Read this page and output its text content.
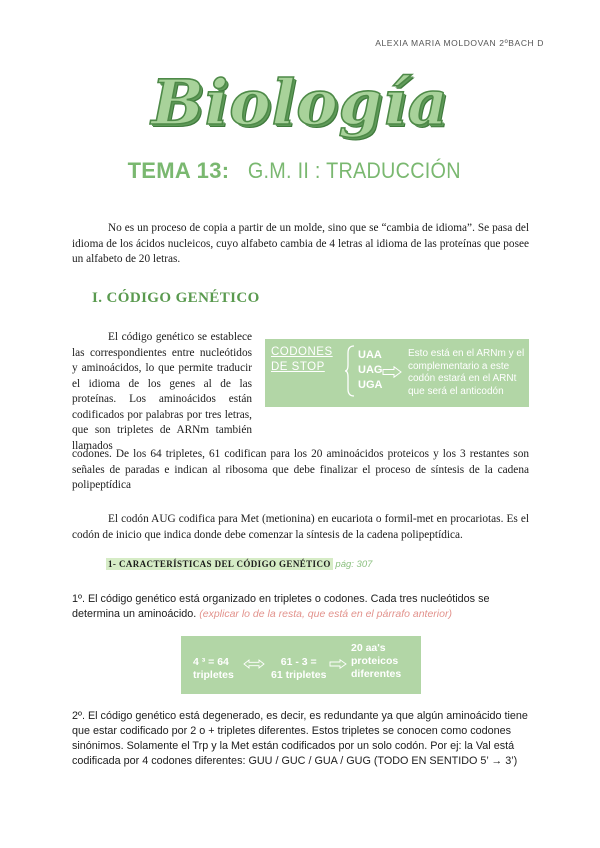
ALEXIA MARIA MOLDOVAN 2ºBACH D
Biología
TEMA 13: G.M. II : TRADUCCIÓN

No es un proceso de copia a partir de un molde, sino que se “cambia de idioma”. Se pasa del idioma de los ácidos nucleicos, cuyo alfabeto cambia de 4 letras al idioma de las proteínas que posee un alfabeto de 20 letras.

I. CÓDIGO GENÉTICO

El código genético se establece las correspondientes entre nucleótidos y aminoácidos, lo que permite traducir el idioma de los genes al de las proteínas. Los aminoácidos están codificados por palabras por tres letras, que son tripletes de ARNm también llamados

codones. De los 64 tripletes, 61 codifican para los 20 aminoácidos proteicos y los 3 restantes son señales de paradas e indican al ribosoma que debe finalizar el proceso de síntesis de la cadena polipeptídica

CODONES
DE STOP
UAA
UAG
UGA
Esto está en el ARNm y el complementario a este codón estará en el ARNt que será el anticodón

El codón AUG codifica para Met (metionina) en eucariota o formil-met en procariotas. Es el codón de inicio que indica donde debe comenzar la síntesis de la cadena polipeptídica.

1- CARACTERÍSTICAS DEL CÓDIGO GENÉTICO pág: 307

1º. El código genético está organizado en tripletes o codones. Cada tres nucleótidos se determina un aminoácido. (explicar lo de la resta, que está en el párrafo anterior)

4 ³ = 64
tripletes
61 - 3 =
61 tripletes
20 aa's
proteicos
diferentes

2º. El código genético está degenerado, es decir, es redundante ya que algún aminoácido tiene que estar codificado por 2 o + tripletes diferentes. Estos tripletes se conocen como codones sinónimos. Solamente el Trp y la Met están codificados por un solo codón. Por ej: la Val está codificada por 4 codones diferentes: GUU / GUC / GUA / GUG (TODO EN SENTIDO 5’ → 3’)
